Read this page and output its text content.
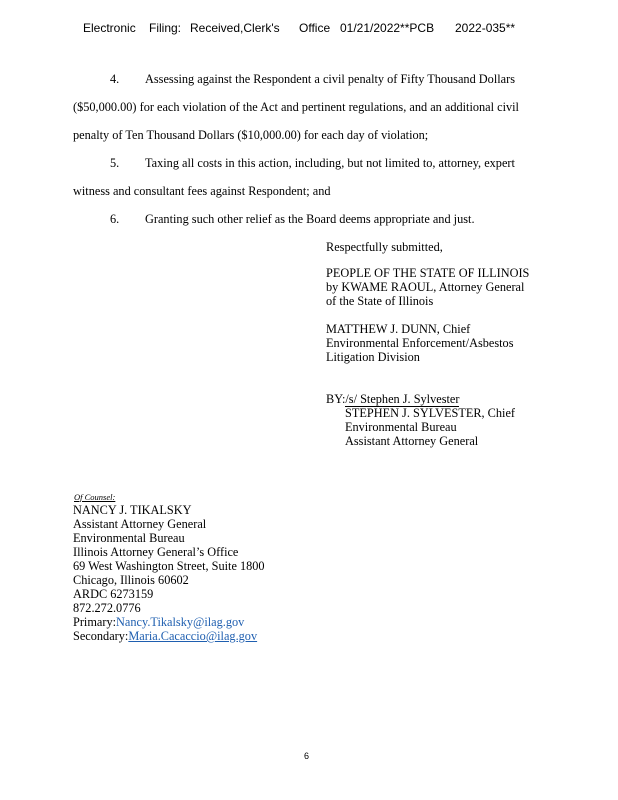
Electronic Filing: Received,Clerk's Office 01/21/2022**PCB 2022-035**
4. Assessing against the Respondent a civil penalty of Fifty Thousand Dollars
($50,000.00) for each violation of the Act and pertinent regulations, and an additional civil
penalty of Ten Thousand Dollars ($10,000.00) for each day of violation;
5. Taxing all costs in this action, including, but not limited to, attorney, expert
witness and consultant fees against Respondent; and
6. Granting such other relief as the Board deems appropriate and just.
Respectfully submitted,
PEOPLE OF THE STATE OF ILLINOIS
by KWAME RAOUL, Attorney General
of the State of Illinois
MATTHEW J. DUNN, Chief
Environmental Enforcement/Asbestos
Litigation Division
BY:/s/ Stephen J. Sylvester
STEPHEN J. SYLVESTER, Chief
Environmental Bureau
Assistant Attorney General
Of Counsel:
NANCY J. TIKALSKY
Assistant Attorney General
Environmental Bureau
Illinois Attorney General’s Office
69 West Washington Street, Suite 1800
Chicago, Illinois 60602
ARDC 6273159
872.272.0776
Primary:Nancy.Tikalsky@ilag.gov
Secondary:Maria.Cacaccio@ilag.gov
6
